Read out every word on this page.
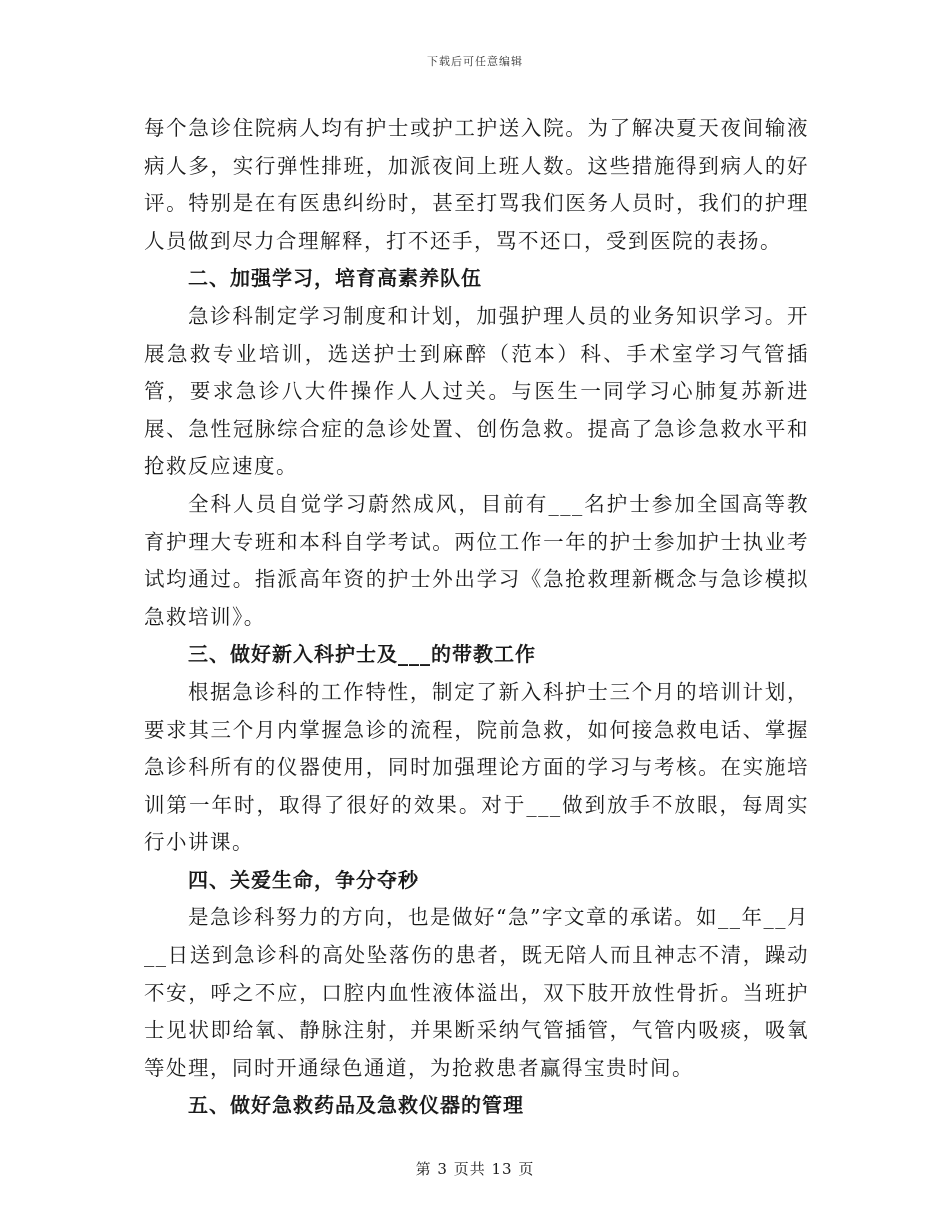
下载后可任意编辑

每个急诊住院病人均有护士或护工护送入院。为了解决夏天夜间输液病人多，实行弹性排班，加派夜间上班人数。这些措施得到病人的好评。特别是在有医患纠纷时，甚至打骂我们医务人员时，我们的护理人员做到尽力合理解释，打不还手，骂不还口，受到医院的表扬。

二、加强学习，培育高素养队伍

急诊科制定学习制度和计划，加强护理人员的业务知识学习。开展急救专业培训，选送护士到麻醉（范本）科、手术室学习气管插管，要求急诊八大件操作人人过关。与医生一同学习心肺复苏新进展、急性冠脉综合症的急诊处置、创伤急救。提高了急诊急救水平和抢救反应速度。

全科人员自觉学习蔚然成风，目前有___名护士参加全国高等教育护理大专班和本科自学考试。两位工作一年的护士参加护士执业考试均通过。指派高年资的护士外出学习《急抢救理新概念与急诊模拟急救培训》。

三、做好新入科护士及___的带教工作

根据急诊科的工作特性，制定了新入科护士三个月的培训计划，要求其三个月内掌握急诊的流程，院前急救，如何接急救电话、掌握急诊科所有的仪器使用，同时加强理论方面的学习与考核。在实施培训第一年时，取得了很好的效果。对于___做到放手不放眼，每周实行小讲课。

四、关爱生命，争分夺秒

是急诊科努力的方向，也是做好“急”字文章的承诺。如__年__月__日送到急诊科的高处坠落伤的患者，既无陪人而且神志不清，躁动不安，呼之不应，口腔内血性液体溢出，双下肢开放性骨折。当班护士见状即给氧、静脉注射，并果断采纳气管插管，气管内吸痰，吸氧等处理，同时开通绿色通道，为抢救患者赢得宝贵时间。

五、做好急救药品及急救仪器的管理

第 3 页共 13 页
